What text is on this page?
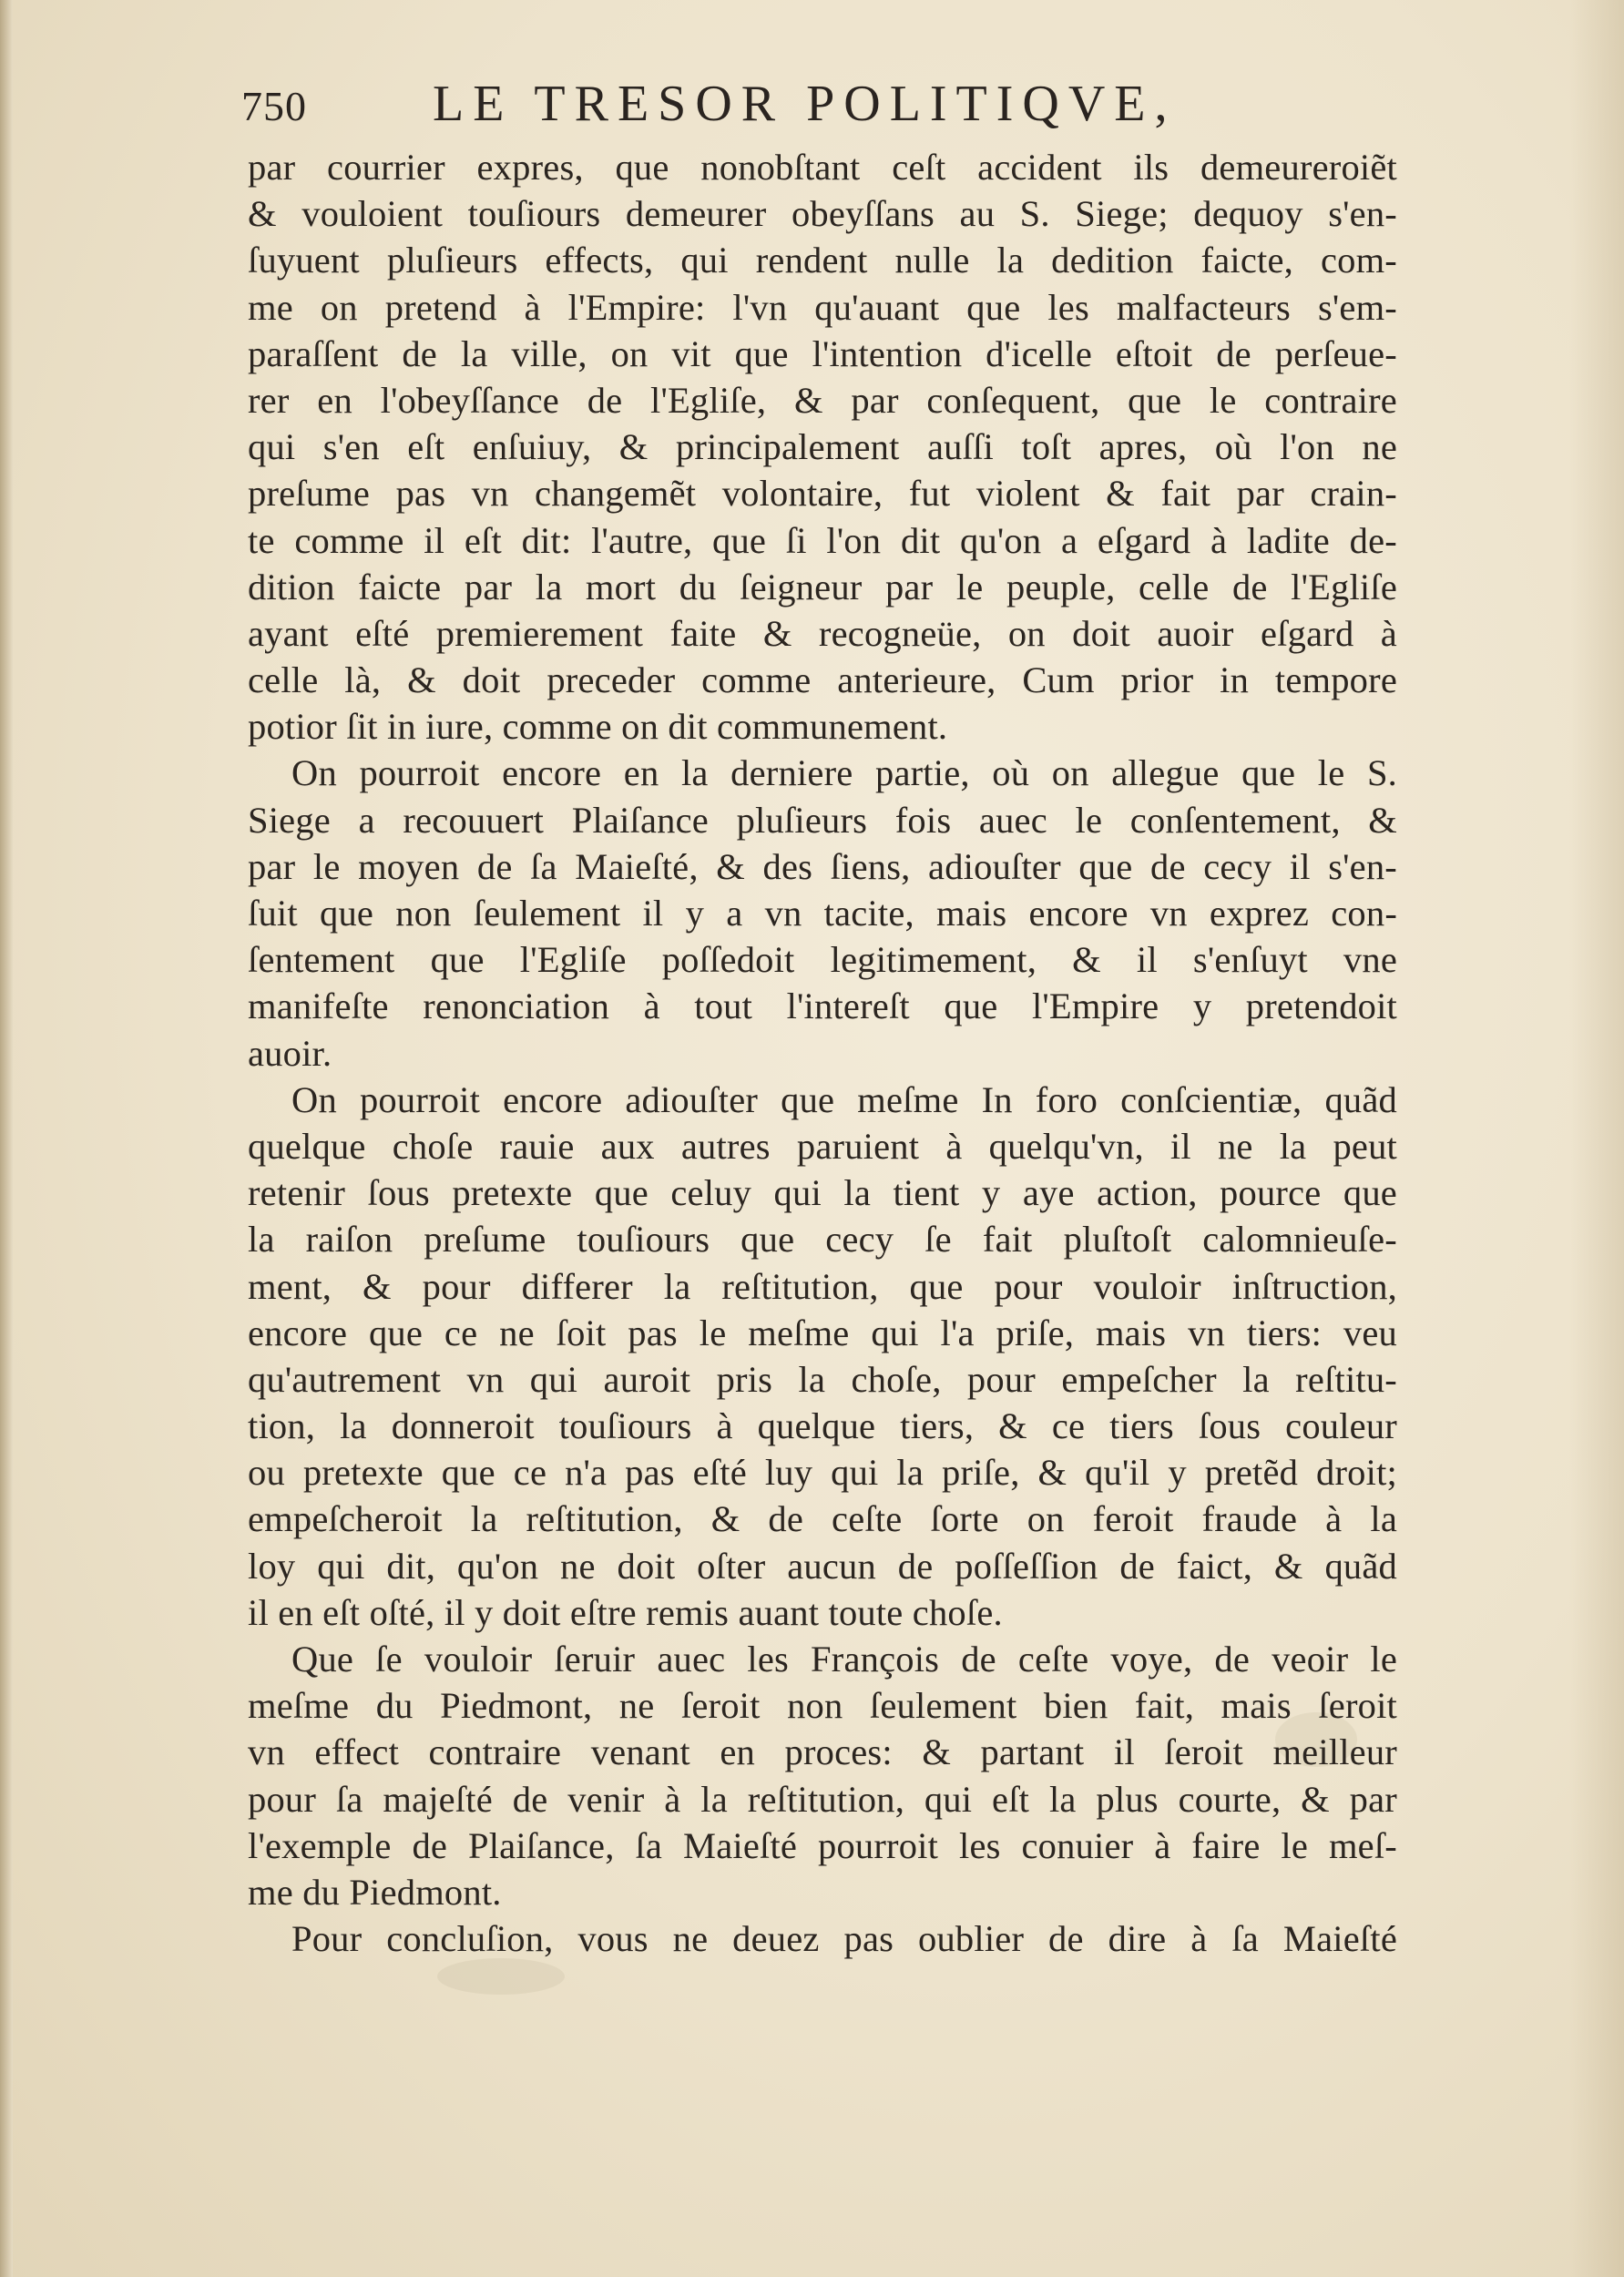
750 LE TRESOR POLITIQVE,
par courrier expres, que nonobſtant ceſt accident ils demeureroiẽt
& vouloient touſiours demeurer obeyſſans au S. Siege; dequoy s'en-
ſuyuent pluſieurs effects, qui rendent nulle la dedition faicte, com-
me on pretend à l'Empire: l'vn qu'auant que les malfacteurs s'em-
paraſſent de la ville, on vit que l'intention d'icelle eſtoit de perſeue-
rer en l'obeyſſance de l'Egliſe, & par conſequent, que le contraire
qui s'en eſt enſuiuy, & principalement auſſi toſt apres, où l'on ne
preſume pas vn changemẽt volontaire, fut violent & fait par crain-
te comme il eſt dit: l'autre, que ſi l'on dit qu'on a eſgard à ladite de-
dition faicte par la mort du ſeigneur par le peuple, celle de l'Egliſe
ayant eſté premierement faite & recogneüe, on doit auoir eſgard à
celle là, & doit preceder comme anterieure, Cum prior in tempore
potior ſit in iure, comme on dit communement.
On pourroit encore en la derniere partie, où on allegue que le S.
Siege a recouuert Plaiſance pluſieurs fois auec le conſentement, &
par le moyen de ſa Maieſté, & des ſiens, adiouſter que de cecy il s'en-
ſuit que non ſeulement il y a vn tacite, mais encore vn exprez con-
ſentement que l'Egliſe poſſedoit legitimement, & il s'enſuyt vne
manifeſte renonciation à tout l'intereſt que l'Empire y pretendoit
auoir.
On pourroit encore adiouſter que meſme In foro conſcientiæ, quãd
quelque choſe rauie aux autres paruient à quelqu'vn, il ne la peut
retenir ſous pretexte que celuy qui la tient y aye action, pource que
la raiſon preſume touſiours que cecy ſe fait pluſtoſt calomnieuſe-
ment, & pour differer la reſtitution, que pour vouloir inſtruction,
encore que ce ne ſoit pas le meſme qui l'a priſe, mais vn tiers: veu
qu'autrement vn qui auroit pris la choſe, pour empeſcher la reſtitu-
tion, la donneroit touſiours à quelque tiers, & ce tiers ſous couleur
ou pretexte que ce n'a pas eſté luy qui la priſe, & qu'il y pretẽd droit;
empeſcheroit la reſtitution, & de ceſte ſorte on feroit fraude à la
loy qui dit, qu'on ne doit oſter aucun de poſſeſſion de faict, & quãd
il en eſt oſté, il y doit eſtre remis auant toute choſe.
Que ſe vouloir ſeruir auec les François de ceſte voye, de veoir le
meſme du Piedmont, ne ſeroit non ſeulement bien fait, mais ſeroit
vn effect contraire venant en proces: & partant il ſeroit meilleur
pour ſa majeſté de venir à la reſtitution, qui eſt la plus courte, & par
l'exemple de Plaiſance, ſa Maieſté pourroit les conuier à faire le meſ-
me du Piedmont.
Pour concluſion, vous ne deuez pas oublier de dire à ſa Maieſté
